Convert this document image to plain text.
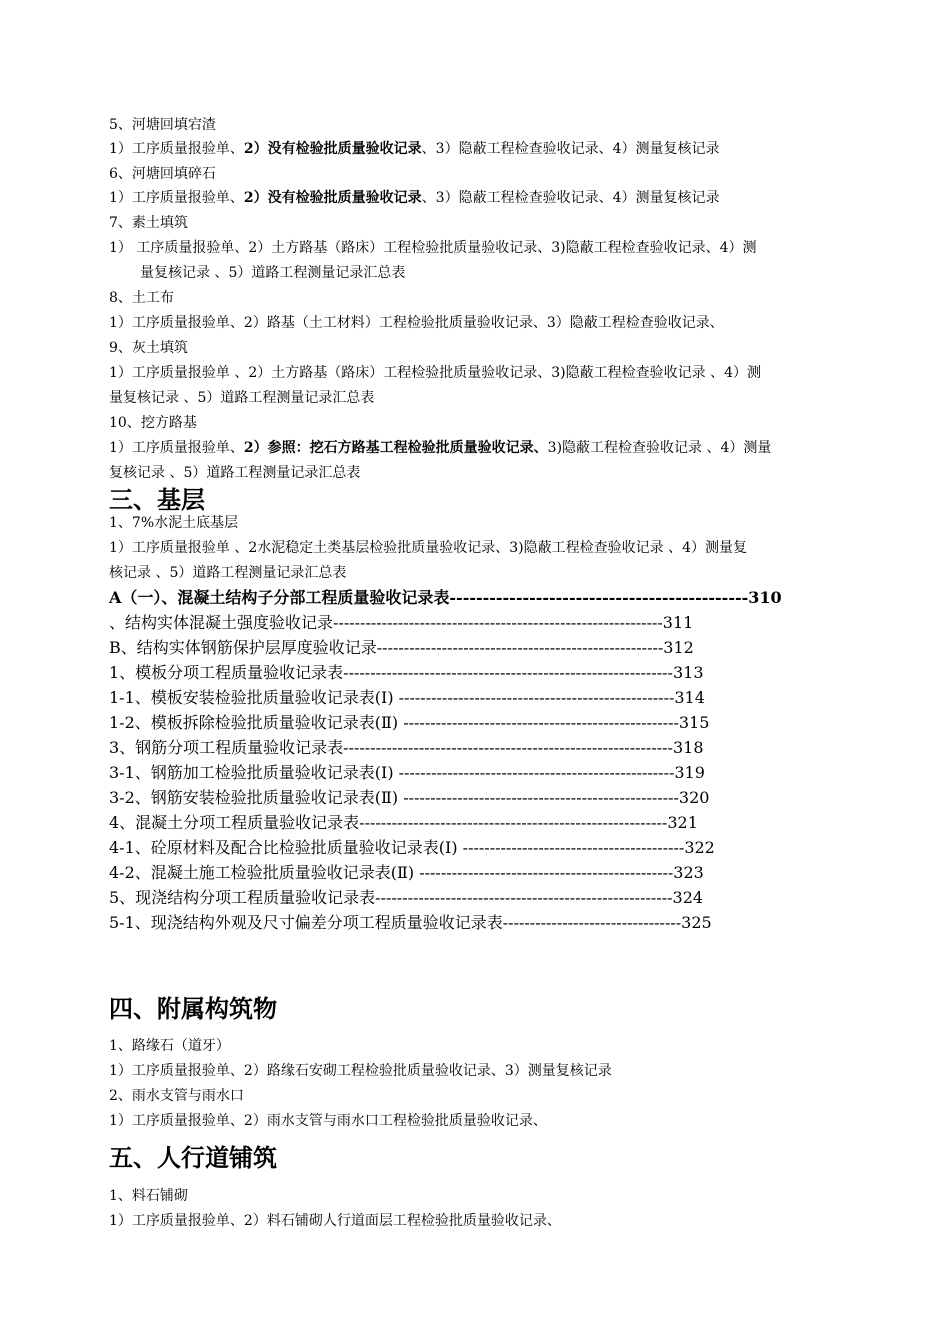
5、河塘回填宕渣
1）工序质量报验单、2）没有检验批质量验收记录、3）隐蔽工程检查验收记录、4）测量复核记录
6、河塘回填碎石
1）工序质量报验单、2）没有检验批质量验收记录、3）隐蔽工程检查验收记录、4）测量复核记录
7、素土填筑
1） 工序质量报验单、2）土方路基（路床）工程检验批质量验收记录、3)隐蔽工程检查验收记录、4）测
量复核记录 、5）道路工程测量记录汇总表
8、土工布
1）工序质量报验单、2）路基（土工材料）工程检验批质量验收记录、3）隐蔽工程检查验收记录、
9、灰土填筑
1）工序质量报验单 、2）土方路基（路床）工程检验批质量验收记录、3)隐蔽工程检查验收记录 、4）测
量复核记录 、5）道路工程测量记录汇总表
10、挖方路基
1）工序质量报验单、2）参照：挖石方路基工程检验批质量验收记录、3)隐蔽工程检查验收记录 、4）测量
复核记录 、5）道路工程测量记录汇总表
三、基层
1、7%水泥土底基层
1）工序质量报验单 、2水泥稳定土类基层检验批质量验收记录、3)隐蔽工程检查验收记录 、4）测量复
核记录 、5）道路工程测量记录汇总表
A（一）、混凝土结构子分部工程质量验收记录表---------------------------------------------310
、结构实体混凝土强度验收记录-------------------------------------------------------------311
B、结构实体钢筋保护层厚度验收记录-----------------------------------------------------312
1、模板分项工程质量验收记录表-------------------------------------------------------------313
1-1、模板安装检验批质量验收记录表(Ⅰ) ---------------------------------------------------314
1-2、模板拆除检验批质量验收记录表(Ⅱ) ---------------------------------------------------315
3、钢筋分项工程质量验收记录表-------------------------------------------------------------318
3-1、钢筋加工检验批质量验收记录表(Ⅰ) ---------------------------------------------------319
3-2、钢筋安装检验批质量验收记录表(Ⅱ) ---------------------------------------------------320
4、混凝土分项工程质量验收记录表---------------------------------------------------------321
4-1、砼原材料及配合比检验批质量验收记录表(Ⅰ) -----------------------------------------322
4-2、混凝土施工检验批质量验收记录表(Ⅱ) -----------------------------------------------323
5、现浇结构分项工程质量验收记录表-------------------------------------------------------324
5-1、现浇结构外观及尺寸偏差分项工程质量验收记录表---------------------------------325
四、附属构筑物
1、路缘石（道牙）
1）工序质量报验单、2）路缘石安砌工程检验批质量验收记录、3）测量复核记录
2、雨水支管与雨水口
1）工序质量报验单、2）雨水支管与雨水口工程检验批质量验收记录、
五、人行道铺筑
1、料石铺砌
1）工序质量报验单、2）料石铺砌人行道面层工程检验批质量验收记录、
